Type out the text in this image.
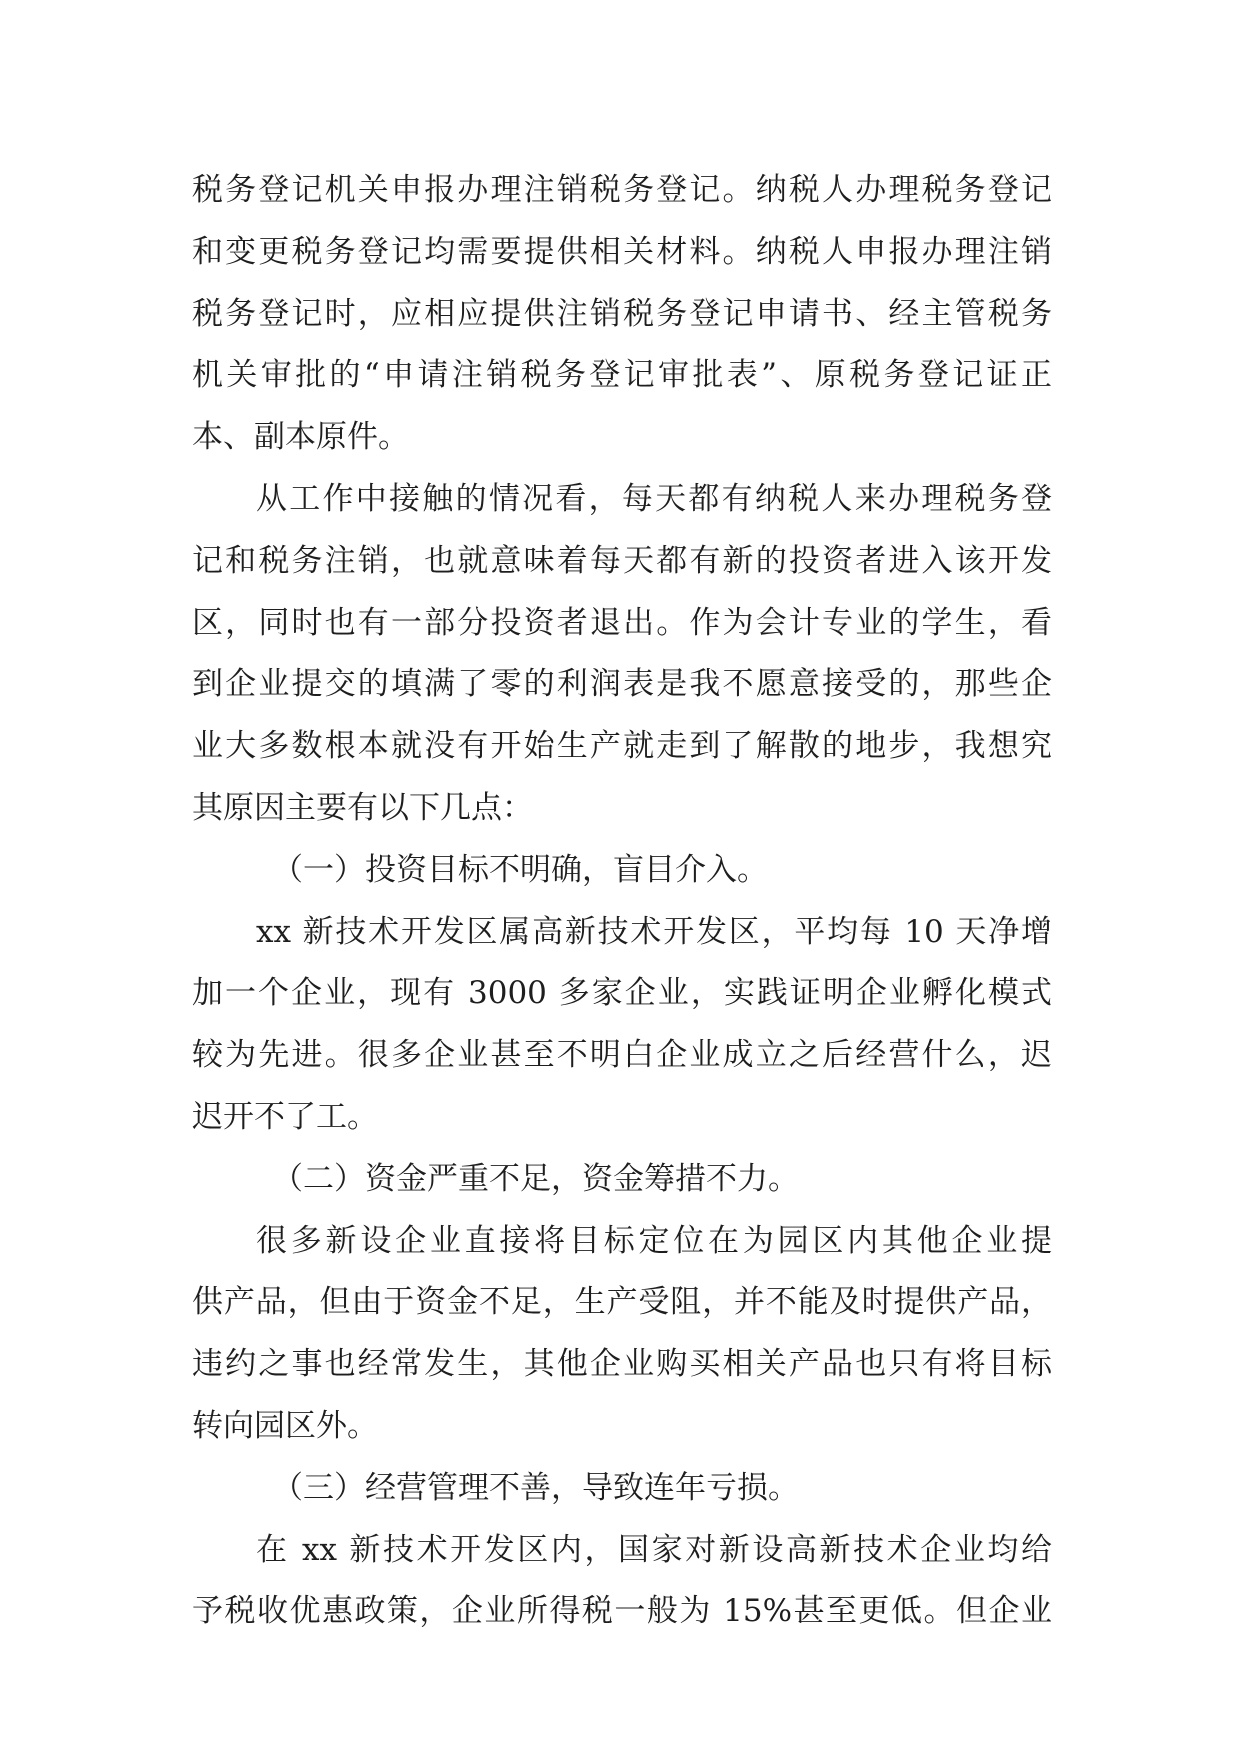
税务登记机关申报办理注销税务登记。纳税人办理税务登记
和变更税务登记均需要提供相关材料。纳税人申报办理注销
税务登记时，应相应提供注销税务登记申请书、经主管税务
机关审批的“申请注销税务登记审批表”、原税务登记证正
本、副本原件。
从工作中接触的情况看，每天都有纳税人来办理税务登
记和税务注销，也就意味着每天都有新的投资者进入该开发
区，同时也有一部分投资者退出。作为会计专业的学生，看
到企业提交的填满了零的利润表是我不愿意接受的，那些企
业大多数根本就没有开始生产就走到了解散的地步，我想究
其原因主要有以下几点：
（一）投资目标不明确，盲目介入。
xx 新技术开发区属高新技术开发区，平均每 10 天净增
加一个企业，现有 3000 多家企业，实践证明企业孵化模式
较为先进。很多企业甚至不明白企业成立之后经营什么，迟
迟开不了工。
（二）资金严重不足，资金筹措不力。
很多新设企业直接将目标定位在为园区内其他企业提
供产品，但由于资金不足，生产受阻，并不能及时提供产品，
违约之事也经常发生，其他企业购买相关产品也只有将目标
转向园区外。
（三）经营管理不善，导致连年亏损。
在 xx 新技术开发区内，国家对新设高新技术企业均给
予税收优惠政策，企业所得税一般为 15%甚至更低。但企业
